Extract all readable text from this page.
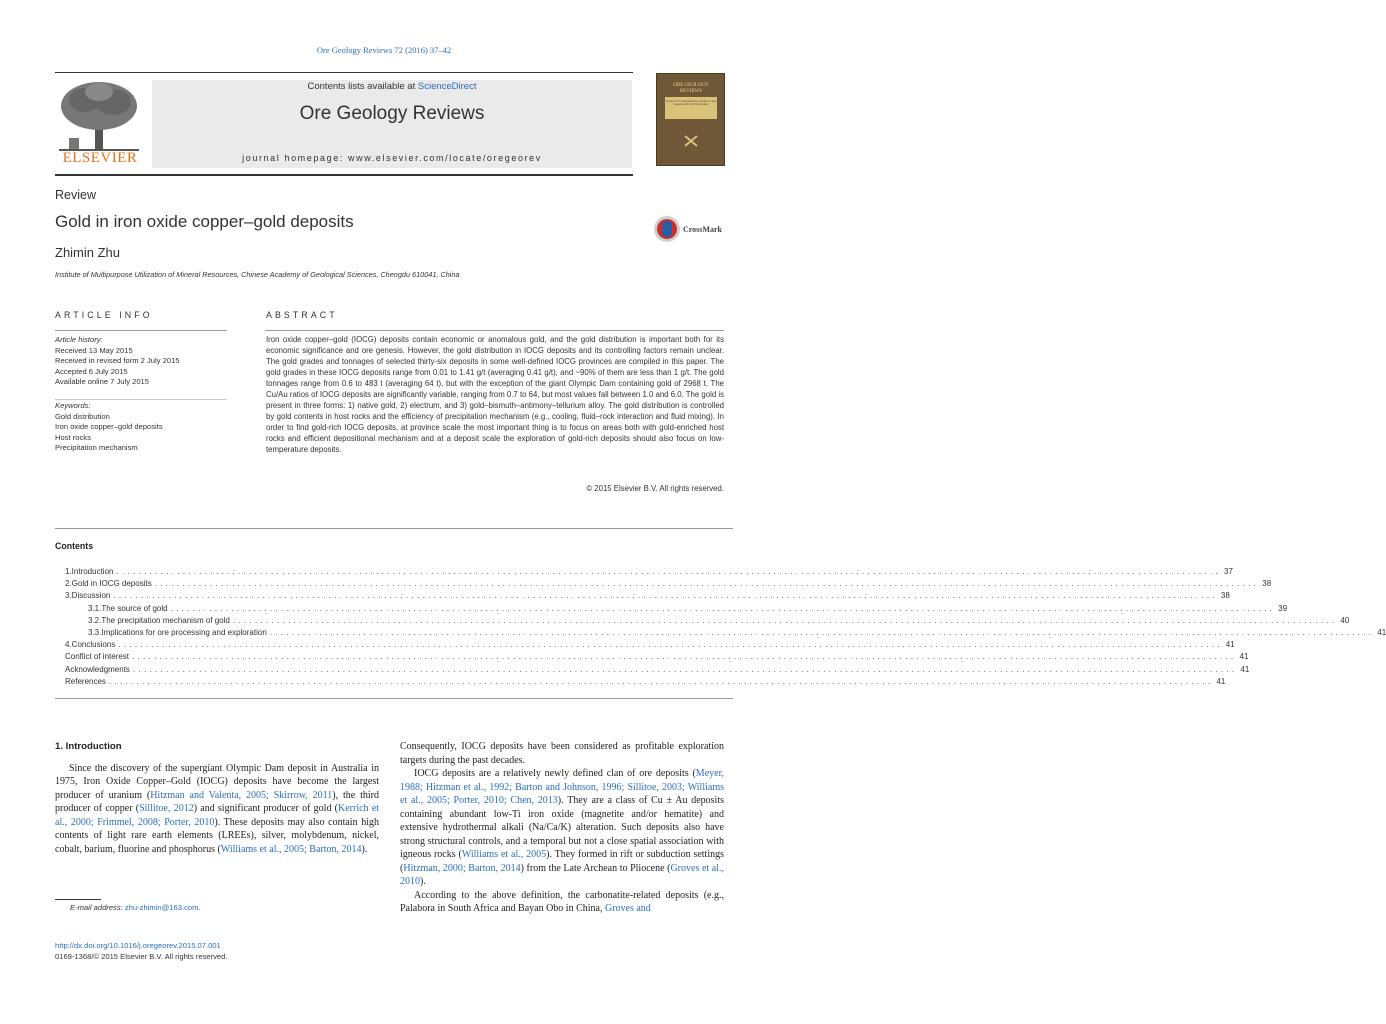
Ore Geology Reviews 72 (2016) 37–42
ELSEVIER
Contents lists available at ScienceDirect
Ore Geology Reviews
journal homepage: www.elsevier.com/locate/oregeorev
ORE GEOLOGY REVIEWS
Journal for Comprehensive Studies of Ore Genesis and Ore Exploration
Review
Gold in iron oxide copper–gold deposits
Zhimin Zhu
Institute of Multipurpose Utilization of Mineral Resources, Chinese Academy of Geological Sciences, Chengdu 610041, China
CrossMark
ARTICLE INFO	ABSTRACT
Article history:
Received 13 May 2015
Received in revised form 2 July 2015
Accepted 6 July 2015
Available online 7 July 2015
Keywords:
Gold distribution
Iron oxide copper–gold deposits
Host rocks
Precipitation mechanism
Iron oxide copper–gold (IOCG) deposits contain economic or anomalous gold, and the gold distribution is important both for its economic significance and ore genesis. However, the gold distribution in IOCG deposits and its controlling factors remain unclear. The gold grades and tonnages of selected thirty-six deposits in some well-defined IOCG provinces are compiled in this paper. The gold grades in these IOCG deposits range from 0.01 to 1.41 g/t (averaging 0.41 g/t), and ~90% of them are less than 1 g/t. The gold tonnages range from 0.6 to 483 t (averaging 64 t), but with the exception of the giant Olympic Dam containing gold of 2968 t. The Cu/Au ratios of IOCG deposits are significantly variable, ranging from 0.7 to 64, but most values fall between 1.0 and 6.0. The gold is present in three forms: 1) native gold, 2) electrum, and 3) gold–bismuth–antimony–tellurium alloy. The gold distribution is controlled by gold contents in host rocks and the efficiency of precipitation mechanism (e.g., cooling, fluid–rock interaction and fluid mixing). In order to find gold-rich IOCG deposits, at province scale the most important thing is to focus on areas both with gold-enriched host rocks and efficient depositional mechanism and at a deposit scale the exploration of gold-rich deposits should also focus on low-temperature deposits.
© 2015 Elsevier B.V. All rights reserved.
Contents
1. Introduction ........................................................................................................................................................................................................ 37
2. Gold in IOCG deposits ........................................................................................................................................................................................................ 38
3. Discussion ........................................................................................................................................................................................................ 38
3.1. The source of gold ........................................................................................................................................................................................................ 39
3.2. The precipitation mechanism of gold ........................................................................................................................................................................................................ 40
3.3. Implications for ore processing and exploration ........................................................................................................................................................................................................ 41
4. Conclusions ........................................................................................................................................................................................................ 41
Conflict of interest ........................................................................................................................................................................................................ 41
Acknowledgments ........................................................................................................................................................................................................ 41
References ........................................................................................................................................................................................................ 41
1. Introduction

Since the discovery of the supergiant Olympic Dam deposit in Australia in 1975, Iron Oxide Copper–Gold (IOCG) deposits have become the largest producer of uranium (Hitzman and Valenta, 2005; Skirrow, 2011), the third producer of copper (Sillitoe, 2012) and significant producer of gold (Kerrich et al., 2000; Frimmel, 2008; Porter, 2010). These deposits may also contain high contents of light rare earth elements (LREEs), silver, molybdenum, nickel, cobalt, barium, fluorine and phosphorus (Williams et al., 2005; Barton, 2014).

Consequently, IOCG deposits have been considered as profitable exploration targets during the past decades.

IOCG deposits are a relatively newly defined clan of ore deposits (Meyer, 1988; Hitzman et al., 1992; Barton and Johnson, 1996; Sillitoe, 2003; Williams et al., 2005; Porter, 2010; Chen, 2013). They are a class of Cu ± Au deposits containing abundant low-Ti iron oxide (magnetite and/or hematite) and extensive hydrothermal alkali (Na/Ca/K) alteration. Such deposits also have strong structural controls, and a temporal but not a close spatial association with igneous rocks (Williams et al., 2005). They formed in rift or subduction settings (Hitzman, 2000; Barton, 2014) from the Late Archean to Pliocene (Groves et al., 2010).

According to the above definition, the carbonatite-related deposits (e.g., Palabora in South Africa and Bayan Obo in China, Groves and

E-mail address: zhu-zhimin@163.com.
http://dx.doi.org/10.1016/j.oregeorev.2015.07.001
0169-1368/© 2015 Elsevier B.V. All rights reserved.
